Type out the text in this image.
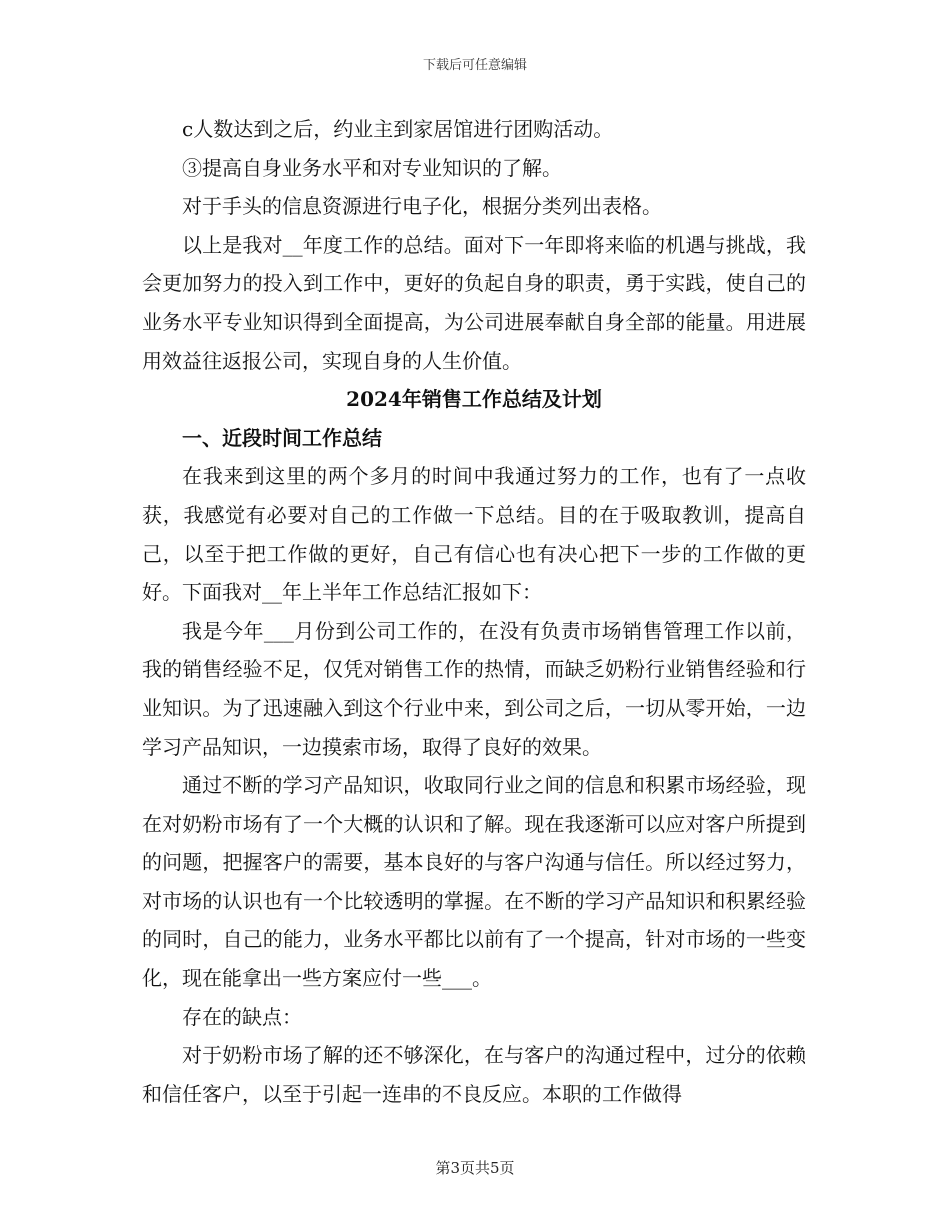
下载后可任意编辑

c人数达到之后，约业主到家居馆进行团购活动。

③提高自身业务水平和对专业知识的了解。

对于手头的信息资源进行电子化，根据分类列出表格。

以上是我对__年度工作的总结。面对下一年即将来临的机遇与挑战，我会更加努力的投入到工作中，更好的负起自身的职责，勇于实践，使自己的业务水平专业知识得到全面提高，为公司进展奉献自身全部的能量。用进展用效益往返报公司，实现自身的人生价值。

2024年销售工作总结及计划

一、近段时间工作总结

在我来到这里的两个多月的时间中我通过努力的工作，也有了一点收获，我感觉有必要对自己的工作做一下总结。目的在于吸取教训，提高自己，以至于把工作做的更好，自己有信心也有决心把下一步的工作做的更好。下面我对__年上半年工作总结汇报如下：

我是今年___月份到公司工作的，在没有负责市场销售管理工作以前，我的销售经验不足，仅凭对销售工作的热情，而缺乏奶粉行业销售经验和行业知识。为了迅速融入到这个行业中来，到公司之后，一切从零开始，一边学习产品知识，一边摸索市场，取得了良好的效果。

通过不断的学习产品知识，收取同行业之间的信息和积累市场经验，现在对奶粉市场有了一个大概的认识和了解。现在我逐渐可以应对客户所提到的问题，把握客户的需要，基本良好的与客户沟通与信任。所以经过努力，对市场的认识也有一个比较透明的掌握。在不断的学习产品知识和积累经验的同时，自己的能力，业务水平都比以前有了一个提高，针对市场的一些变化，现在能拿出一些方案应付一些___。

存在的缺点：

对于奶粉市场了解的还不够深化，在与客户的沟通过程中，过分的依赖和信任客户，以至于引起一连串的不良反应。本职的工作做得

第3页共5页
